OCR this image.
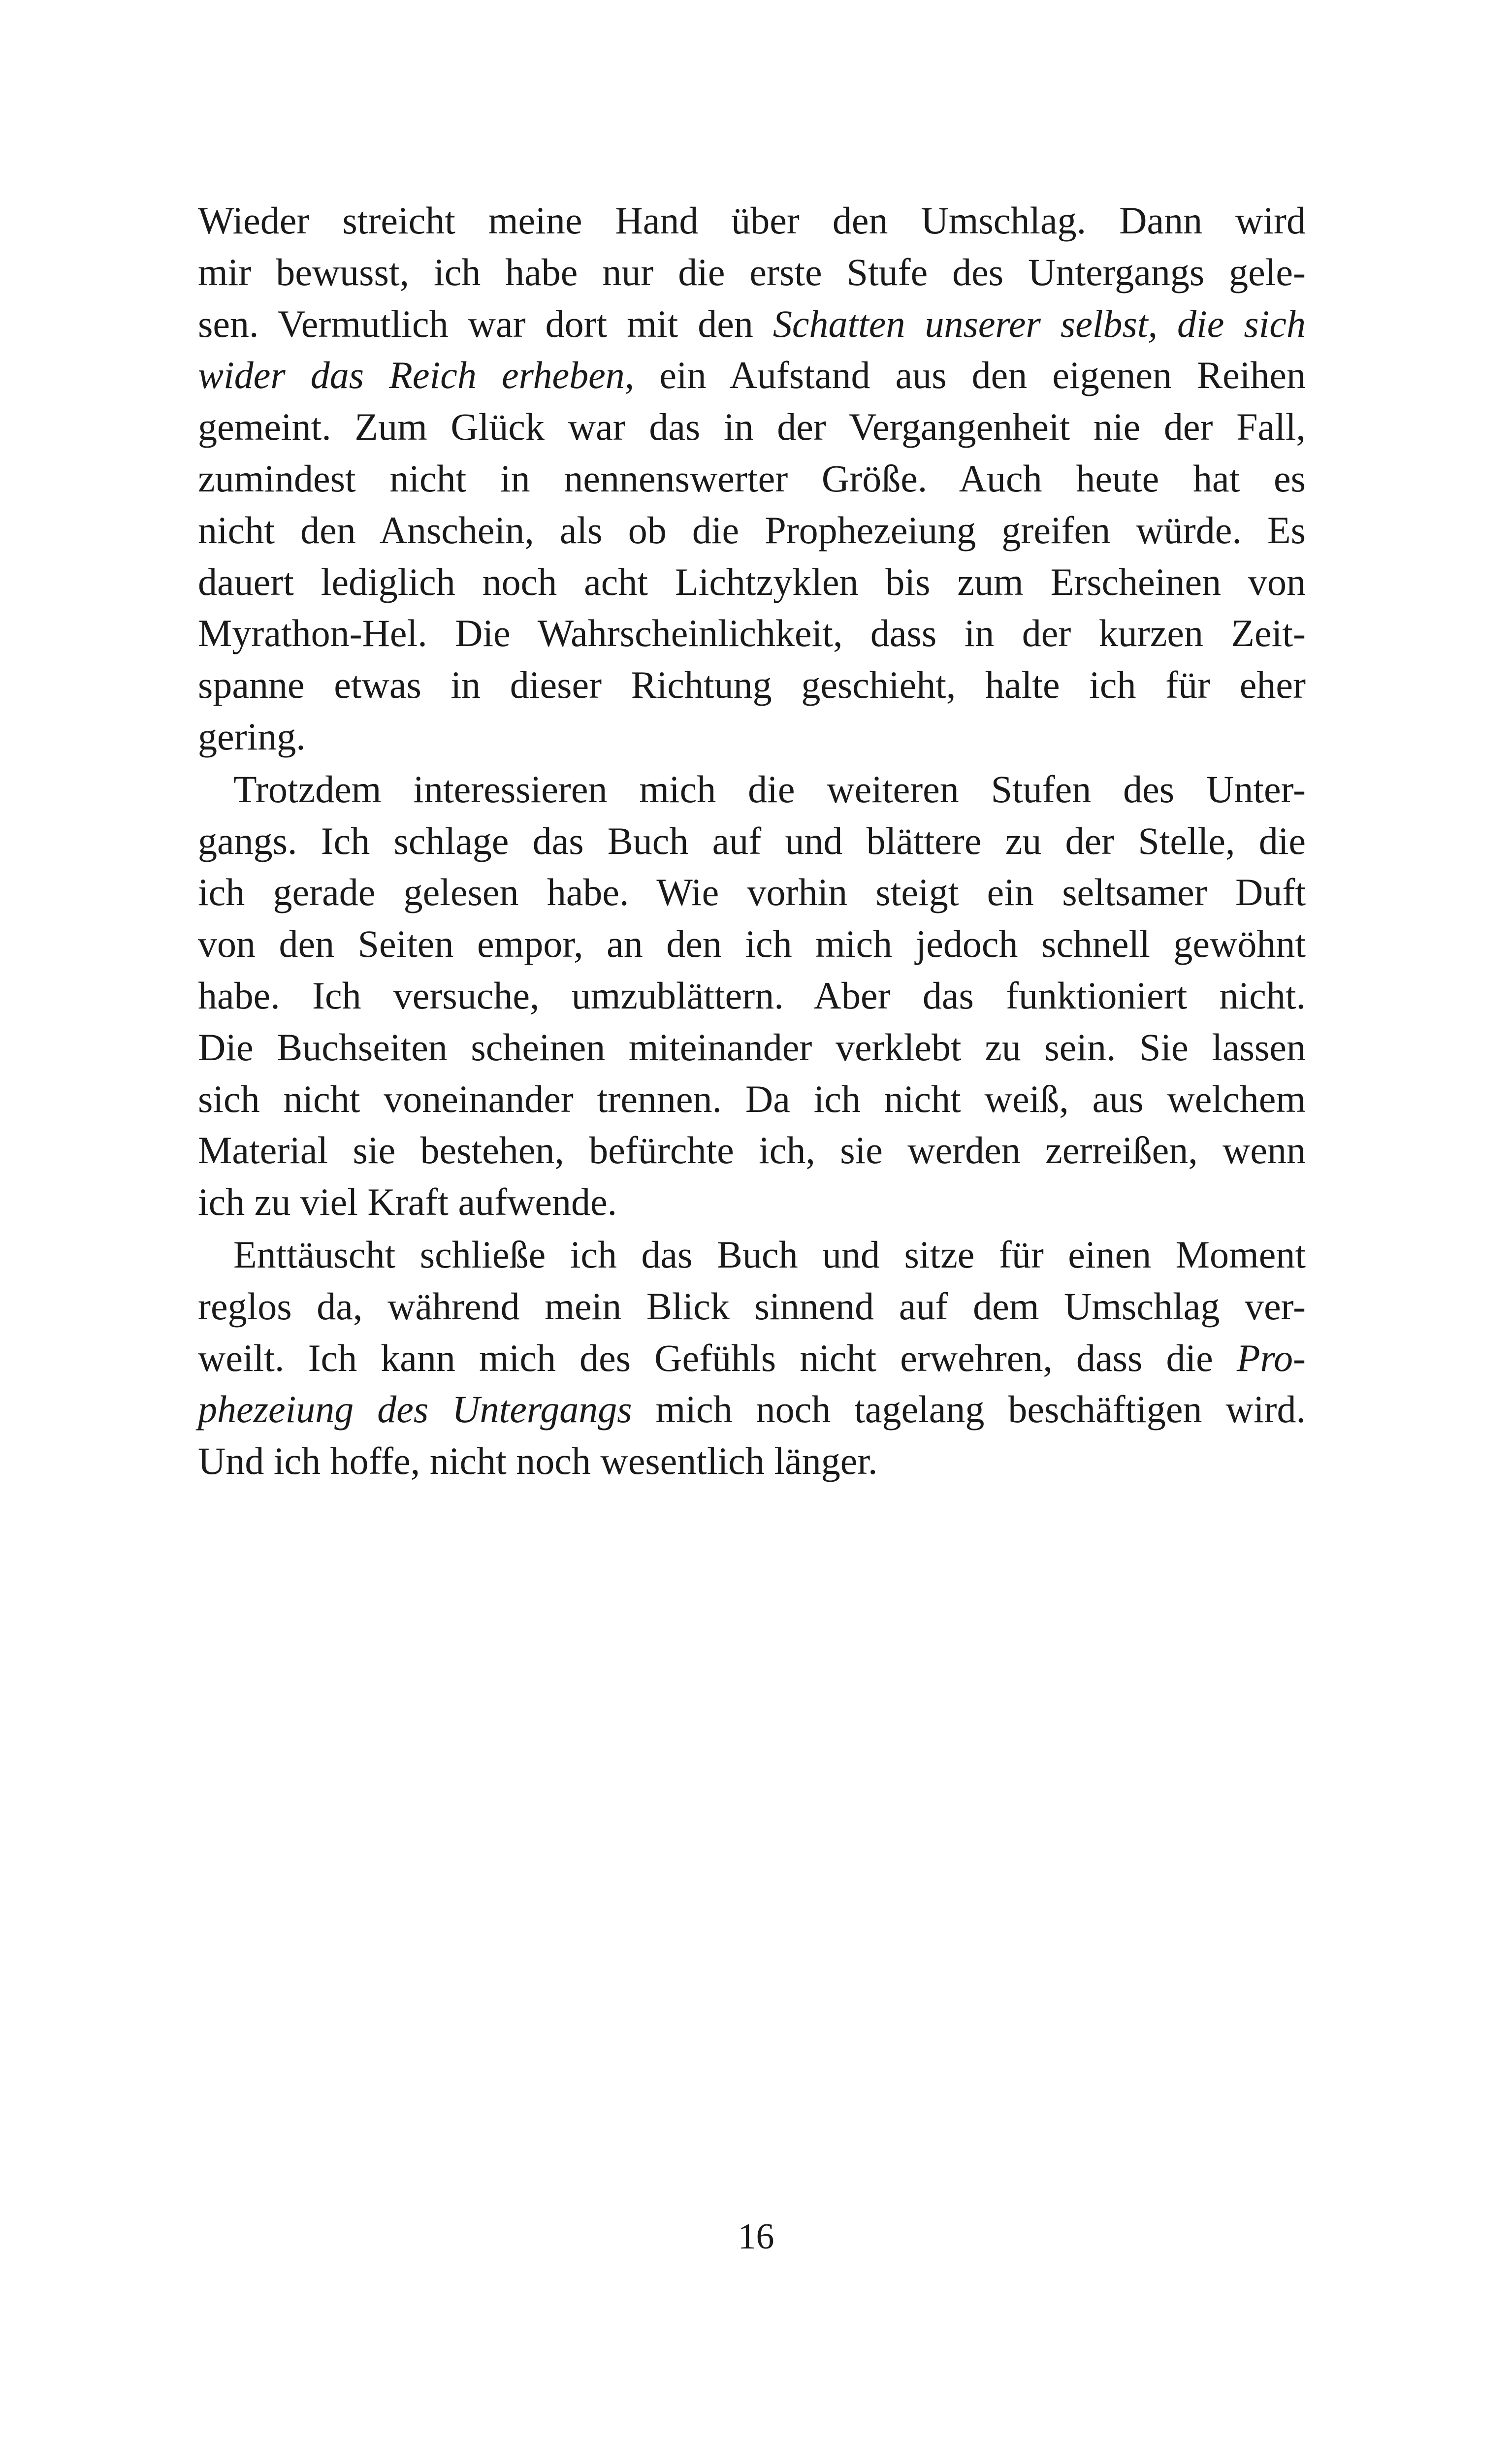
Wieder streicht meine Hand über den Umschlag. Dann wird
mir bewusst, ich habe nur die erste Stufe des Untergangs gele-
sen. Vermutlich war dort mit den Schatten unserer selbst, die sich
wider das Reich erheben, ein Aufstand aus den eigenen Reihen
gemeint. Zum Glück war das in der Vergangenheit nie der Fall,
zumindest nicht in nennenswerter Größe. Auch heute hat es
nicht den Anschein, als ob die Prophezeiung greifen würde. Es
dauert lediglich noch acht Lichtzyklen bis zum Erscheinen von
Myrathon-Hel. Die Wahrscheinlichkeit, dass in der kurzen Zeit-
spanne etwas in dieser Richtung geschieht, halte ich für eher
gering.
Trotzdem interessieren mich die weiteren Stufen des Unter-
gangs. Ich schlage das Buch auf und blättere zu der Stelle, die
ich gerade gelesen habe. Wie vorhin steigt ein seltsamer Duft
von den Seiten empor, an den ich mich jedoch schnell gewöhnt
habe. Ich versuche, umzublättern. Aber das funktioniert nicht.
Die Buchseiten scheinen miteinander verklebt zu sein. Sie lassen
sich nicht voneinander trennen. Da ich nicht weiß, aus welchem
Material sie bestehen, befürchte ich, sie werden zerreißen, wenn
ich zu viel Kraft aufwende.
Enttäuscht schließe ich das Buch und sitze für einen Moment
reglos da, während mein Blick sinnend auf dem Umschlag ver-
weilt. Ich kann mich des Gefühls nicht erwehren, dass die Pro-
phezeiung des Untergangs mich noch tagelang beschäftigen wird.
Und ich hoffe, nicht noch wesentlich länger.
16
